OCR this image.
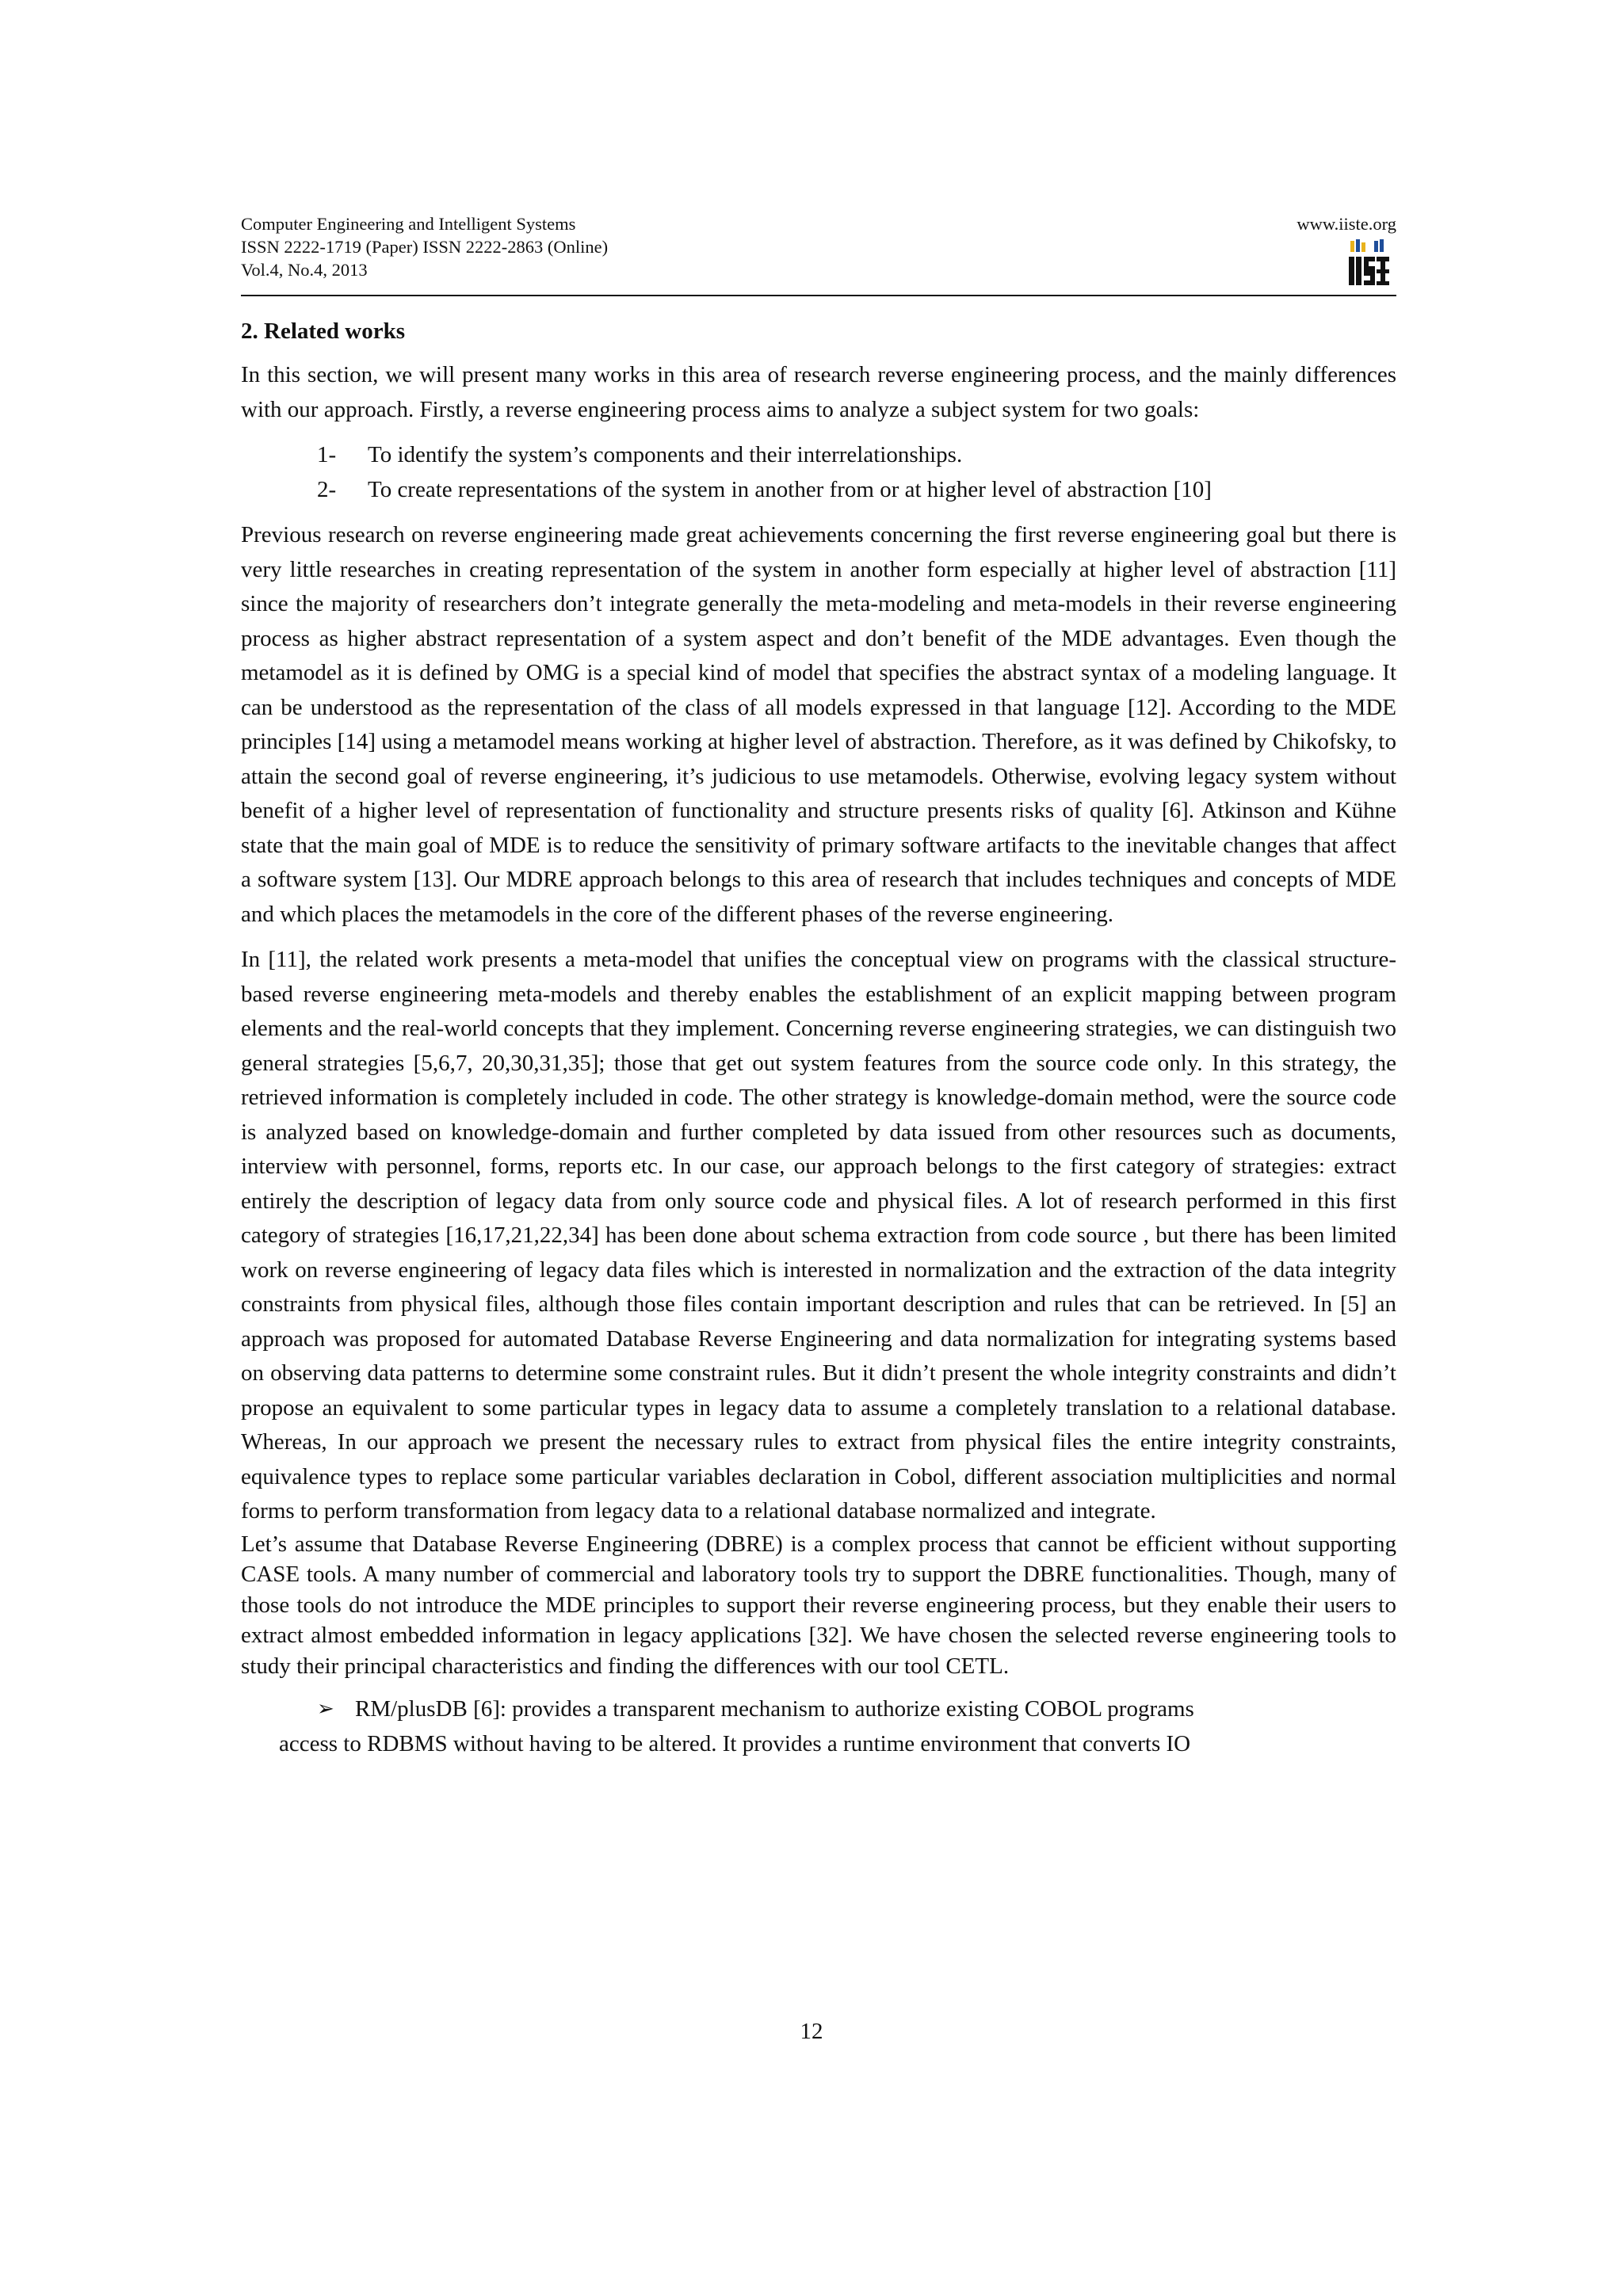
Computer Engineering and Intelligent Systems
ISSN 2222-1719 (Paper) ISSN 2222-2863 (Online)
Vol.4, No.4, 2013
www.iiste.org
2. Related works

In this section, we will present many works in this area of research reverse engineering process, and the mainly differences with our approach. Firstly, a reverse engineering process aims to analyze a subject system for two goals:

1- To identify the system’s components and their interrelationships.
2- To create representations of the system in another from or at higher level of abstraction [10]

Previous research on reverse engineering made great achievements concerning the first reverse engineering goal but there is very little researches in creating representation of the system in another form especially at higher level of abstraction [11] since the majority of researchers don’t integrate generally the meta-modeling and meta-models in their reverse engineering process as higher abstract representation of a system aspect and don’t benefit of the MDE advantages. Even though the metamodel as it is defined by OMG is a special kind of model that specifies the abstract syntax of a modeling language. It can be understood as the representation of the class of all models expressed in that language [12]. According to the MDE principles [14] using a metamodel means working at higher level of abstraction. Therefore, as it was defined by Chikofsky, to attain the second goal of reverse engineering, it’s judicious to use metamodels. Otherwise, evolving legacy system without benefit of a higher level of representation of functionality and structure presents risks of quality [6]. Atkinson and Kühne state that the main goal of MDE is to reduce the sensitivity of primary software artifacts to the inevitable changes that affect a software system [13]. Our MDRE approach belongs to this area of research that includes techniques and concepts of MDE and which places the metamodels in the core of the different phases of the reverse engineering.

In [11], the related work presents a meta-model that unifies the conceptual view on programs with the classical structure-based reverse engineering meta-models and thereby enables the establishment of an explicit mapping between program elements and the real-world concepts that they implement. Concerning reverse engineering strategies, we can distinguish two general strategies [5,6,7, 20,30,31,35]; those that get out system features from the source code only. In this strategy, the retrieved information is completely included in code. The other strategy is knowledge-domain method, were the source code is analyzed based on knowledge-domain and further completed by data issued from other resources such as documents, interview with personnel, forms, reports etc. In our case, our approach belongs to the first category of strategies: extract entirely the description of legacy data from only source code and physical files. A lot of research performed in this first category of strategies [16,17,21,22,34] has been done about schema extraction from code source , but there has been limited work on reverse engineering of legacy data files which is interested in normalization and the extraction of the data integrity constraints from physical files, although those files contain important description and rules that can be retrieved. In [5] an approach was proposed for automated Database Reverse Engineering and data normalization for integrating systems based on observing data patterns to determine some constraint rules. But it didn’t present the whole integrity constraints and didn’t propose an equivalent to some particular types in legacy data to assume a completely translation to a relational database. Whereas, In our approach we present the necessary rules to extract from physical files the entire integrity constraints, equivalence types to replace some particular variables declaration in Cobol, different association multiplicities and normal forms to perform transformation from legacy data to a relational database normalized and integrate.

Let’s assume that Database Reverse Engineering (DBRE) is a complex process that cannot be efficient without supporting CASE tools. A many number of commercial and laboratory tools try to support the DBRE functionalities. Though, many of those tools do not introduce the MDE principles to support their reverse engineering process, but they enable their users to extract almost embedded information in legacy applications [32]. We have chosen the selected reverse engineering tools to study their principal characteristics and finding the differences with our tool CETL.

➢ RM/plusDB [6]: provides a transparent mechanism to authorize existing COBOL programs
access to RDBMS without having to be altered. It provides a runtime environment that converts IO
12
